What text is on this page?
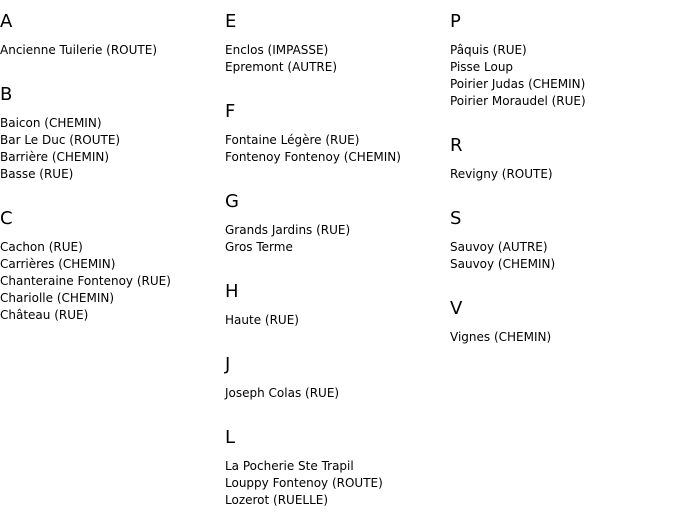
A
Ancienne Tuilerie (ROUTE)
B
Baicon (CHEMIN)
Bar Le Duc (ROUTE)
Barrière (CHEMIN)
Basse (RUE)
C
Cachon (RUE)
Carrières (CHEMIN)
Chanteraine Fontenoy (RUE)
Chariolle (CHEMIN)
Château (RUE)
E
Enclos (IMPASSE)
Epremont (AUTRE)
F
Fontaine Légère (RUE)
Fontenoy Fontenoy (CHEMIN)
G
Grands Jardins (RUE)
Gros Terme
H
Haute (RUE)
J
Joseph Colas (RUE)
L
La Pocherie Ste Trapil
Louppy Fontenoy (ROUTE)
Lozerot (RUELLE)
P
Pâquis (RUE)
Pisse Loup
Poirier Judas (CHEMIN)
Poirier Moraudel (RUE)
R
Revigny (ROUTE)
S
Sauvoy (AUTRE)
Sauvoy (CHEMIN)
V
Vignes (CHEMIN)
